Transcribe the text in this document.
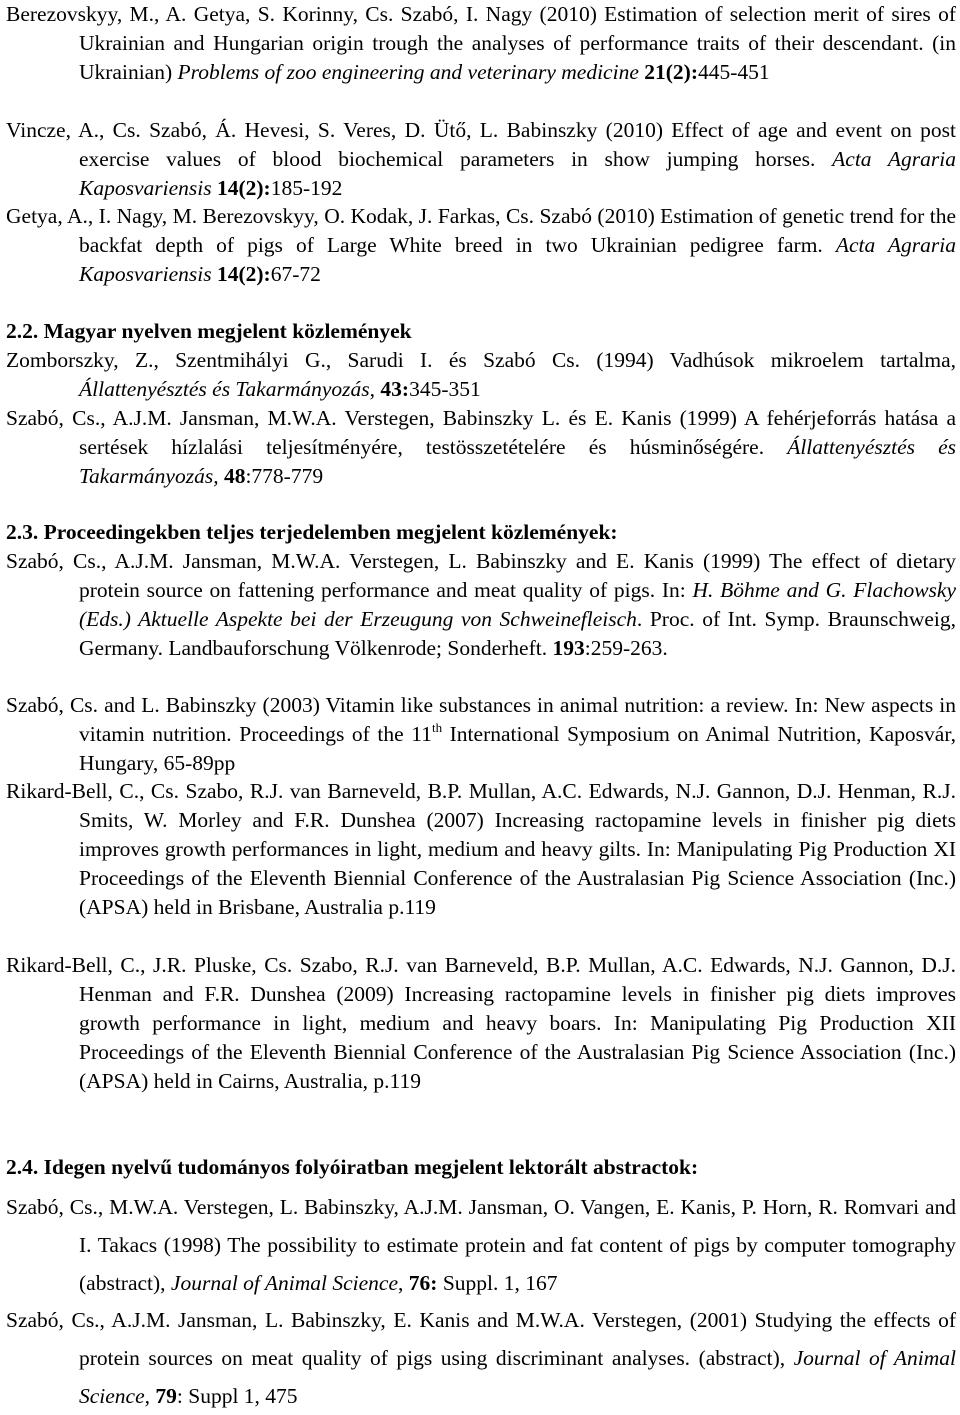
Berezovskyy, M., A. Getya, S. Korinny, Cs. Szabó, I. Nagy (2010) Estimation of selection merit of sires of Ukrainian and Hungarian origin trough the analyses of performance traits of their descendant. (in Ukrainian) Problems of zoo engineering and veterinary medicine 21(2):445-451
Vincze, A., Cs. Szabó, Á. Hevesi, S. Veres, D. Ütő, L. Babinszky (2010) Effect of age and event on post exercise values of blood biochemical parameters in show jumping horses. Acta Agraria Kaposvariensis 14(2):185-192
Getya, A., I. Nagy, M. Berezovskyy, O. Kodak, J. Farkas, Cs. Szabó (2010) Estimation of genetic trend for the backfat depth of pigs of Large White breed in two Ukrainian pedigree farm. Acta Agraria Kaposvariensis 14(2):67-72
2.2. Magyar nyelven megjelent közlemények
Zomborszky, Z., Szentmihályi G., Sarudi I. és Szabó Cs. (1994) Vadhúsok mikroelem tartalma, Állattenyésztés és Takarmányozás, 43:345-351
Szabó, Cs., A.J.M. Jansman, M.W.A. Verstegen, Babinszky L. és E. Kanis (1999) A fehérjeforrás hatása a sertések hízlalási teljesítményére, testösszetételére és húsminőségére. Állattenyésztés és Takarmányozás, 48:778-779
2.3. Proceedingekben teljes terjedelemben megjelent közlemények:
Szabó, Cs., A.J.M. Jansman, M.W.A. Verstegen, L. Babinszky and E. Kanis (1999) The effect of dietary protein source on fattening performance and meat quality of pigs. In: H. Böhme and G. Flachowsky (Eds.) Aktuelle Aspekte bei der Erzeugung von Schweinefleisch. Proc. of Int. Symp. Braunschweig, Germany. Landbauforschung Völkenrode; Sonderheft. 193:259-263.
Szabó, Cs. and L. Babinszky (2003) Vitamin like substances in animal nutrition: a review. In: New aspects in vitamin nutrition. Proceedings of the 11th International Symposium on Animal Nutrition, Kaposvár, Hungary, 65-89pp
Rikard-Bell, C., Cs. Szabo, R.J. van Barneveld, B.P. Mullan, A.C. Edwards, N.J. Gannon, D.J. Henman, R.J. Smits, W. Morley and F.R. Dunshea (2007) Increasing ractopamine levels in finisher pig diets improves growth performances in light, medium and heavy gilts. In: Manipulating Pig Production XI Proceedings of the Eleventh Biennial Conference of the Australasian Pig Science Association (Inc.)(APSA) held in Brisbane, Australia p.119
Rikard-Bell, C., J.R. Pluske, Cs. Szabo, R.J. van Barneveld, B.P. Mullan, A.C. Edwards, N.J. Gannon, D.J. Henman and F.R. Dunshea (2009) Increasing ractopamine levels in finisher pig diets improves growth performance in light, medium and heavy boars. In: Manipulating Pig Production XII Proceedings of the Eleventh Biennial Conference of the Australasian Pig Science Association (Inc.)(APSA) held in Cairns, Australia, p.119
2.4. Idegen nyelvű tudományos folyóiratban megjelent lektorált abstractok:
Szabó, Cs., M.W.A. Verstegen, L. Babinszky, A.J.M. Jansman, O. Vangen, E. Kanis, P. Horn, R. Romvari and I. Takacs (1998) The possibility to estimate protein and fat content of pigs by computer tomography (abstract), Journal of Animal Science, 76: Suppl. 1, 167
Szabó, Cs., A.J.M. Jansman, L. Babinszky, E. Kanis and M.W.A. Verstegen, (2001) Studying the effects of protein sources on meat quality of pigs using discriminant analyses. (abstract), Journal of Animal Science, 79: Suppl 1, 475
